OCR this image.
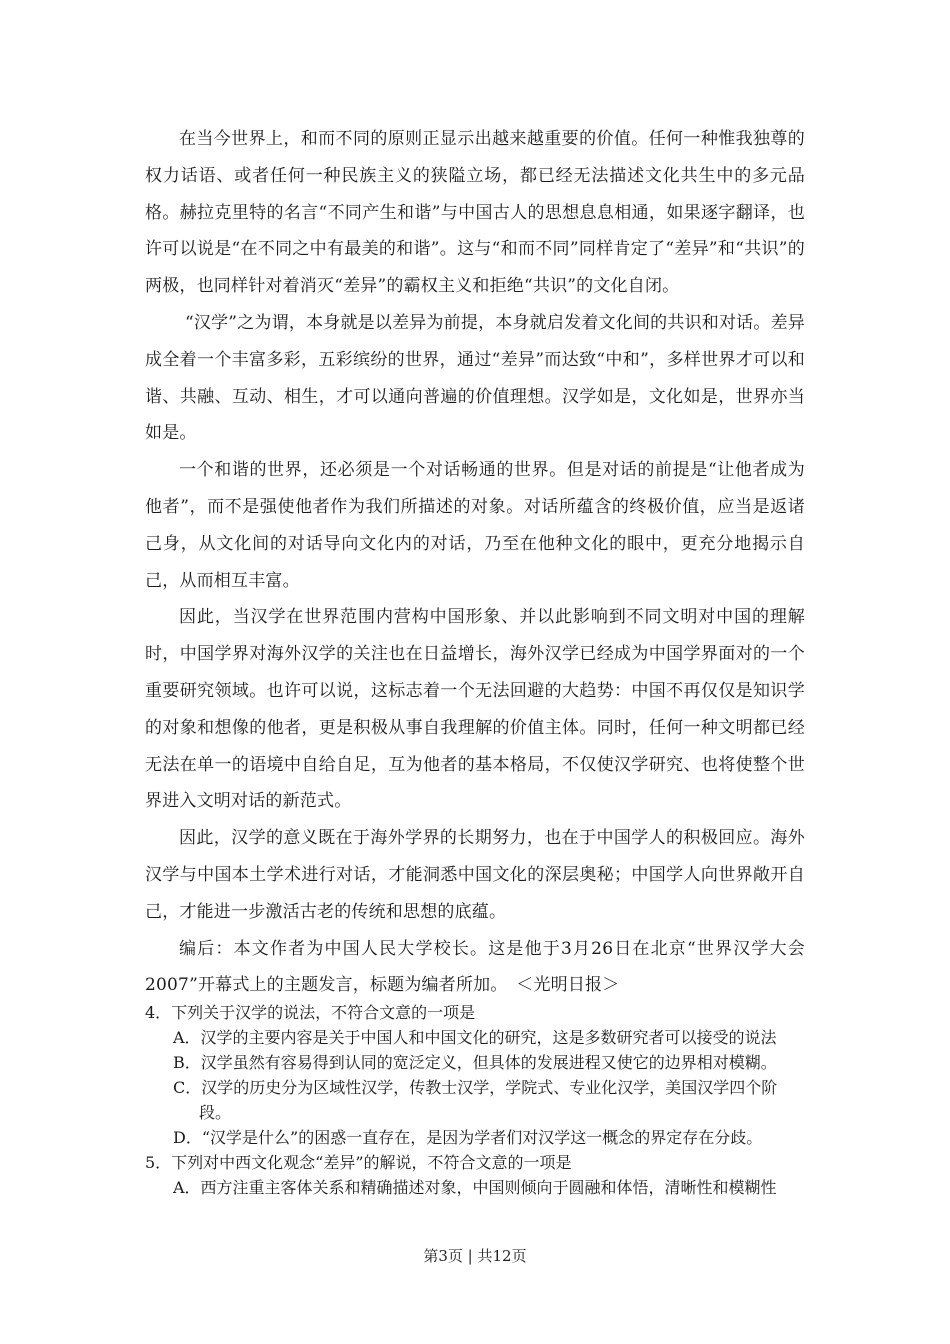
在当今世界上，和而不同的原则正显示出越来越重要的价值。任何一种惟我独尊的权力话语、或者任何一种民族主义的狭隘立场，都已经无法描述文化共生中的多元品格。赫拉克里特的名言“不同产生和谐”与中国古人的思想息息相通，如果逐字翻译，也许可以说是“在不同之中有最美的和谐”。这与“和而不同”同样肯定了“差异”和“共识”的两极，也同样针对着消灭“差异”的霸权主义和拒绝“共识”的文化自闭。

“汉学”之为谓，本身就是以差异为前提，本身就启发着文化间的共识和对话。差异成全着一个丰富多彩，五彩缤纷的世界，通过“差异”而达致“中和”，多样世界才可以和谐、共融、互动、相生，才可以通向普遍的价值理想。汉学如是，文化如是，世界亦当如是。

一个和谐的世界，还必须是一个对话畅通的世界。但是对话的前提是“让他者成为他者”，而不是强使他者作为我们所描述的对象。对话所蕴含的终极价值，应当是返诸己身，从文化间的对话导向文化内的对话，乃至在他种文化的眼中，更充分地揭示自己，从而相互丰富。

因此，当汉学在世界范围内营构中国形象、并以此影响到不同文明对中国的理解时，中国学界对海外汉学的关注也在日益增长，海外汉学已经成为中国学界面对的一个重要研究领域。也许可以说，这标志着一个无法回避的大趋势：中国不再仅仅是知识学的对象和想像的他者，更是积极从事自我理解的价值主体。同时，任何一种文明都已经无法在单一的语境中自给自足，互为他者的基本格局，不仅使汉学研究、也将使整个世界进入文明对话的新范式。

因此，汉学的意义既在于海外学界的长期努力，也在于中国学人的积极回应。海外汉学与中国本土学术进行对话，才能洞悉中国文化的深层奥秘；中国学人向世界敞开自己，才能进一步激活古老的传统和思想的底蕴。

编后：本文作者为中国人民大学校长。这是他于3月26日在北京“世界汉学大会2007”开幕式上的主题发言，标题为编者所加。　＜光明日报＞

4．下列关于汉学的说法，不符合文意的一项是

A．汉学的主要内容是关于中国人和中国文化的研究，这是多数研究者可以接受的说法

B．汉学虽然有容易得到认同的宽泛定义，但具体的发展进程又使它的边界相对模糊。

C．汉学的历史分为区域性汉学，传教士汉学，学院式、专业化汉学，美国汉学四个阶
段。

D．“汉学是什么”的困惑一直存在，是因为学者们对汉学这一概念的界定存在分歧。

5．下列对中西文化观念“差异”的解说，不符合文意的一项是

A．西方注重主客体关系和精确描述对象，中国则倾向于圆融和体悟，清晰性和模糊性

第3页 | 共12页
